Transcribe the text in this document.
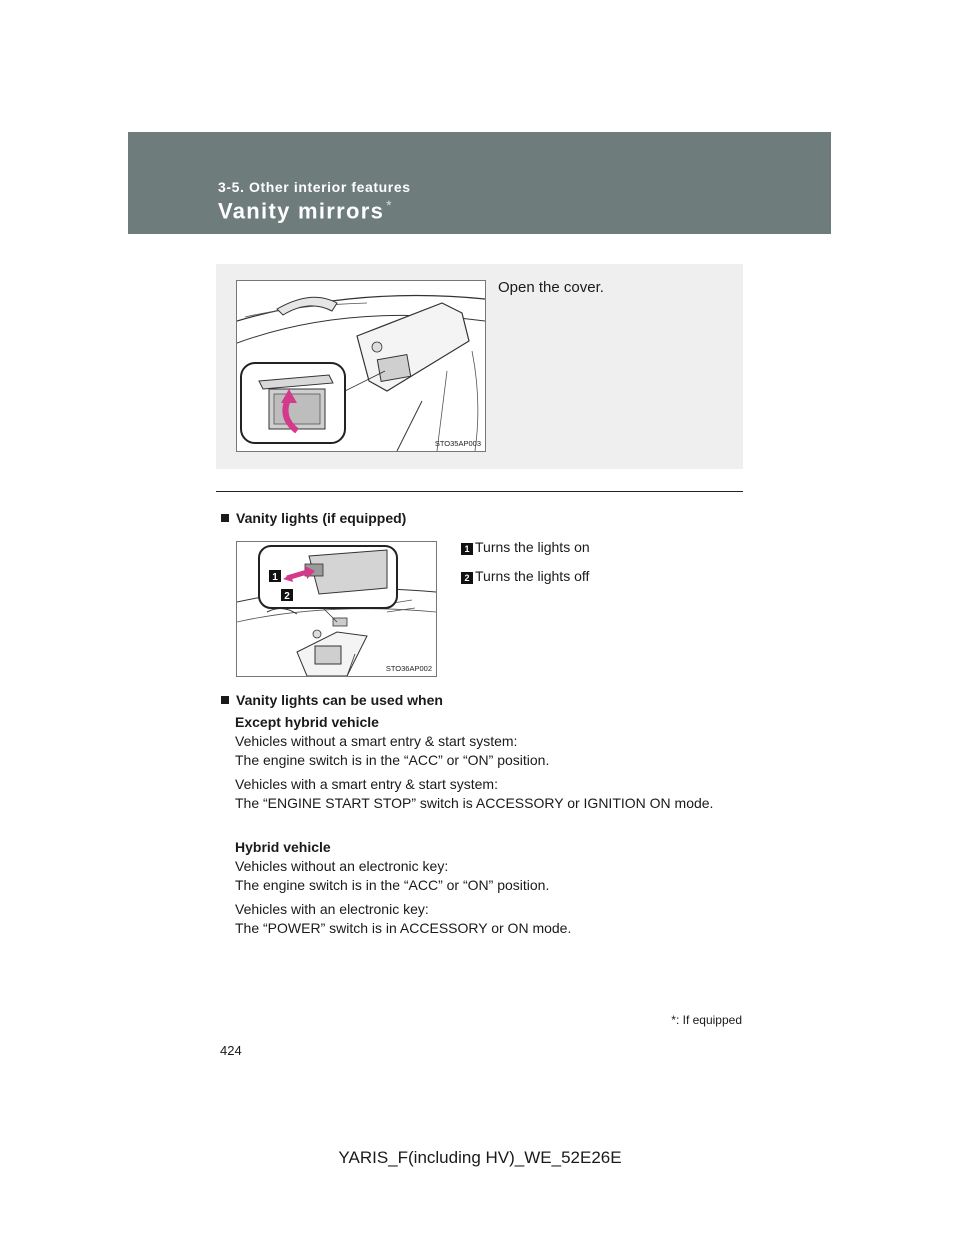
3-5. Other interior features
Vanity mirrors *
STO35AP003
Open the cover.
Vanity lights (if equipped)
1
2
STO36AP002
1 Turns the lights on
2 Turns the lights off
Vanity lights can be used when
Except hybrid vehicle
Vehicles without a smart entry & start system:
The engine switch is in the “ACC” or “ON” position.
Vehicles with a smart entry & start system:
The “ENGINE START STOP” switch is ACCESSORY or IGNITION ON mode.
Hybrid vehicle
Vehicles without an electronic key:
The engine switch is in the “ACC” or “ON” position.
Vehicles with an electronic key:
The “POWER” switch is in ACCESSORY or ON mode.
*: If equipped
424
YARIS_F(including HV)_WE_52E26E
